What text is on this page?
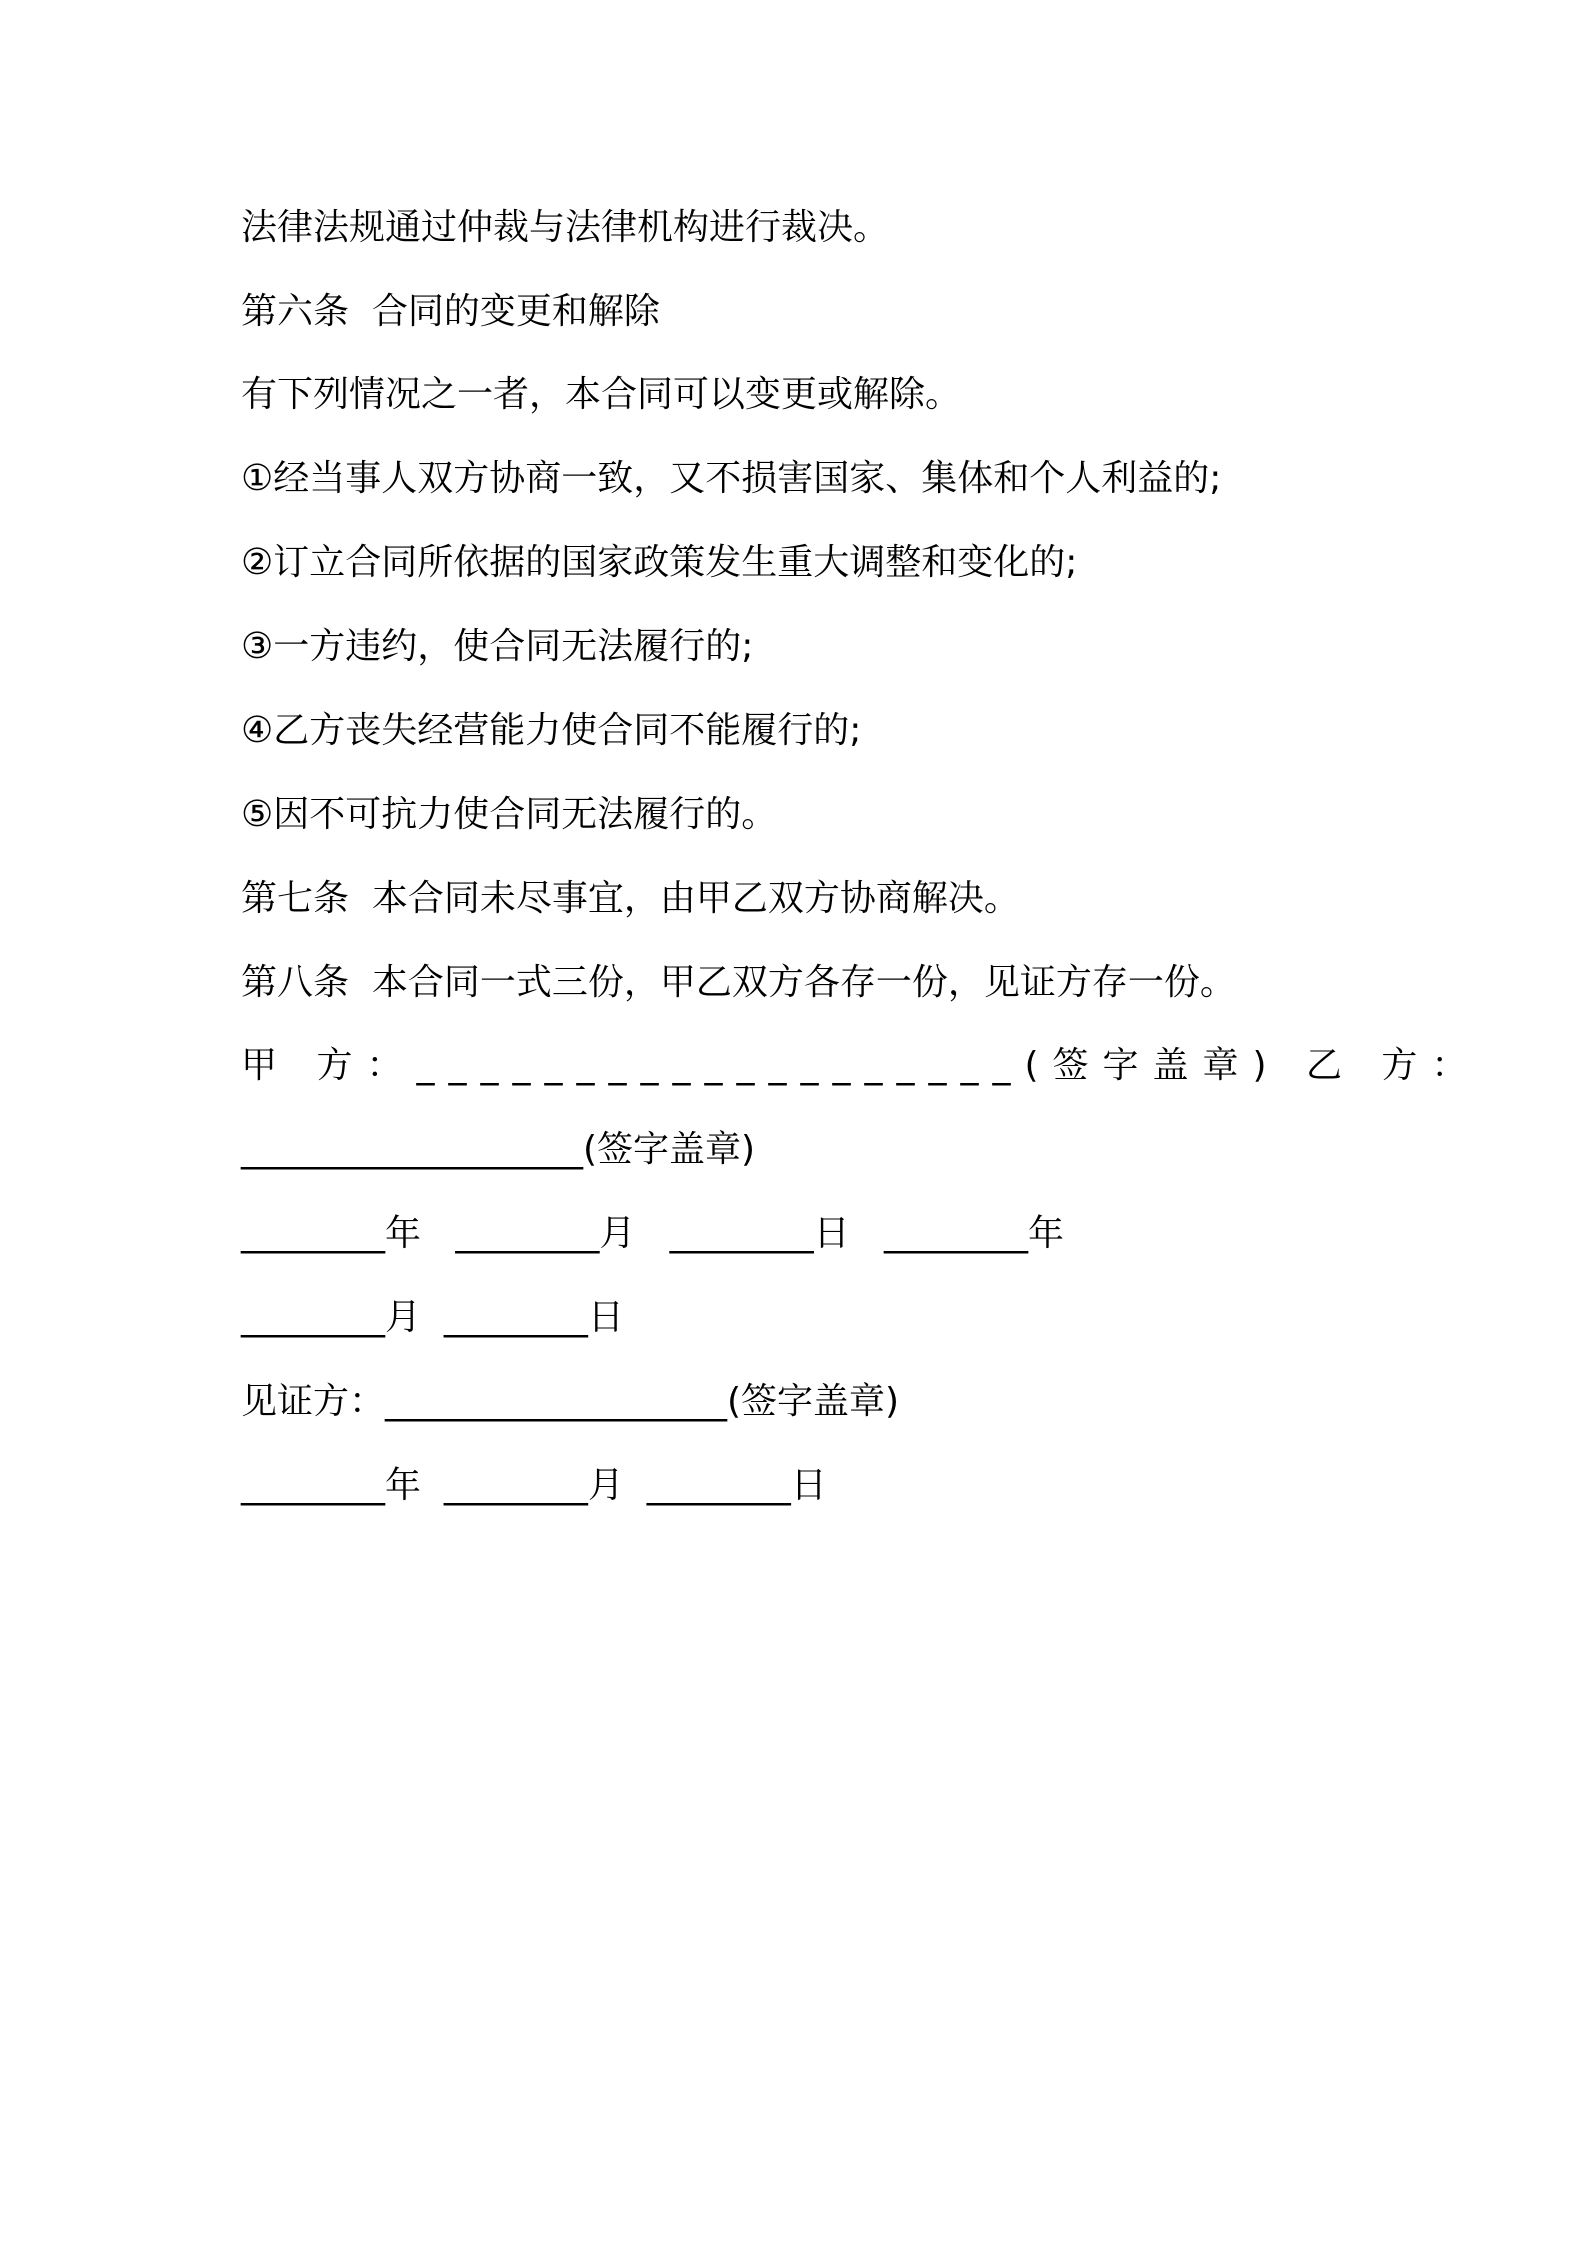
法律法规通过仲裁与法律机构进行裁决。
第六条  合同的变更和解除
有下列情况之一者，本合同可以变更或解除。
①经当事人双方协商一致，又不损害国家、集体和个人利益的;
②订立合同所依据的国家政策发生重大调整和变化的;
③一方违约，使合同无法履行的;
④乙方丧失经营能力使合同不能履行的;
⑤因不可抗力使合同无法履行的。
第七条  本合同未尽事宜，由甲乙双方协商解决。
第八条  本合同一式三份，甲乙双方各存一份，见证方存一份。
甲 方：___________________(签字盖章) 乙 方：
___________________(签字盖章)
________年   ________月   ________日   ________年
________月  ________日
见证方：___________________(签字盖章)
________年  ________月  ________日
